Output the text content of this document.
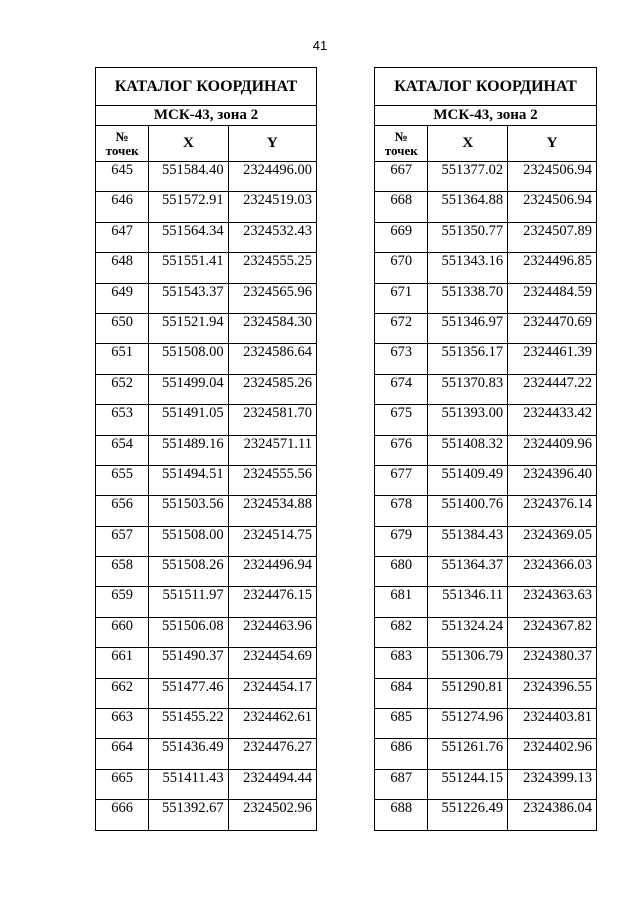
41
КАТАЛОГ КООРДИНАТ		
МСК-43, зона 2		

№
точек	X	Y
645	551584.40	2324496.00
646	551572.91	2324519.03
647	551564.34	2324532.43
648	551551.41	2324555.25
649	551543.37	2324565.96
650	551521.94	2324584.30
651	551508.00	2324586.64
652	551499.04	2324585.26
653	551491.05	2324581.70
654	551489.16	2324571.11
655	551494.51	2324555.56
656	551503.56	2324534.88
657	551508.00	2324514.75
658	551508.26	2324496.94
659	551511.97	2324476.15
660	551506.08	2324463.96
661	551490.37	2324454.69
662	551477.46	2324454.17
663	551455.22	2324462.61
664	551436.49	2324476.27
665	551411.43	2324494.44
666	551392.67	2324502.96
КАТАЛОГ КООРДИНАТ		
МСК-43, зона 2		

№
точек	X	Y
667	551377.02	2324506.94
668	551364.88	2324506.94
669	551350.77	2324507.89
670	551343.16	2324496.85
671	551338.70	2324484.59
672	551346.97	2324470.69
673	551356.17	2324461.39
674	551370.83	2324447.22
675	551393.00	2324433.42
676	551408.32	2324409.96
677	551409.49	2324396.40
678	551400.76	2324376.14
679	551384.43	2324369.05
680	551364.37	2324366.03
681	551346.11	2324363.63
682	551324.24	2324367.82
683	551306.79	2324380.37
684	551290.81	2324396.55
685	551274.96	2324403.81
686	551261.76	2324402.96
687	551244.15	2324399.13
688	551226.49	2324386.04
